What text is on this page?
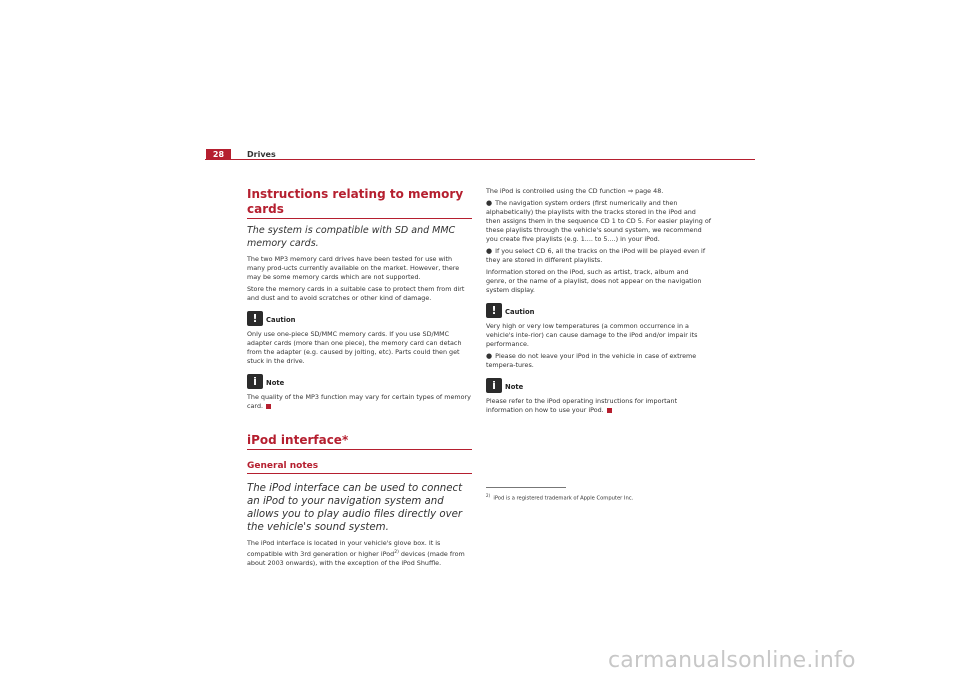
28	Drives
Instructions relating to memory cards
The system is compatible with SD and MMC memory cards.

The two MP3 memory card drives have been tested for use with many prod-ucts currently available on the market. However, there may be some memory cards which are not supported.

Store the memory cards in a suitable case to protect them from dirt and dust and to avoid scratches or other kind of damage.

!	Caution

Only use one-piece SD/MMC memory cards. If you use SD/MMC adapter cards (more than one piece), the memory card can detach from the adapter (e.g. caused by jolting, etc). Parts could then get stuck in the drive.

i	Note

The quality of the MP3 function may vary for certain types of memory card.

iPod interface*
General notes
The iPod interface can be used to connect an iPod to your navigation system and allows you to play audio files directly over the vehicle's sound system.

The iPod interface is located in your vehicle's glove box. It is compatible with 3rd generation or higher iPod$^{2)}$ devices (made from about 2003 onwards), with the exception of the iPod Shuffle.

The iPod is controlled using the CD function ⇒ page 48.

● The navigation system orders (first numerically and then alphabetically) the playlists with the tracks stored in the iPod and then assigns them in the sequence CD 1 to CD 5. For easier playing of these playlists through the vehicle's sound system, we recommend you create five playlists (e.g. 1.... to 5....) in your iPod.

● If you select CD 6, all the tracks on the iPod will be played even if they are stored in different playlists.

Information stored on the iPod, such as artist, track, album and genre, or the name of a playlist, does not appear on the navigation system display.

!	Caution

Very high or very low temperatures (a common occurrence in a vehicle's inte-rior) can cause damage to the iPod and/or impair its performance.

● Please do not leave your iPod in the vehicle in case of extreme tempera-tures.

i	Note

Please refer to the iPod operating instructions for important information on how to use your iPod.

$^{2)}$  iPod is a registered trademark of Apple Computer Inc.
carmanualsonline.info
